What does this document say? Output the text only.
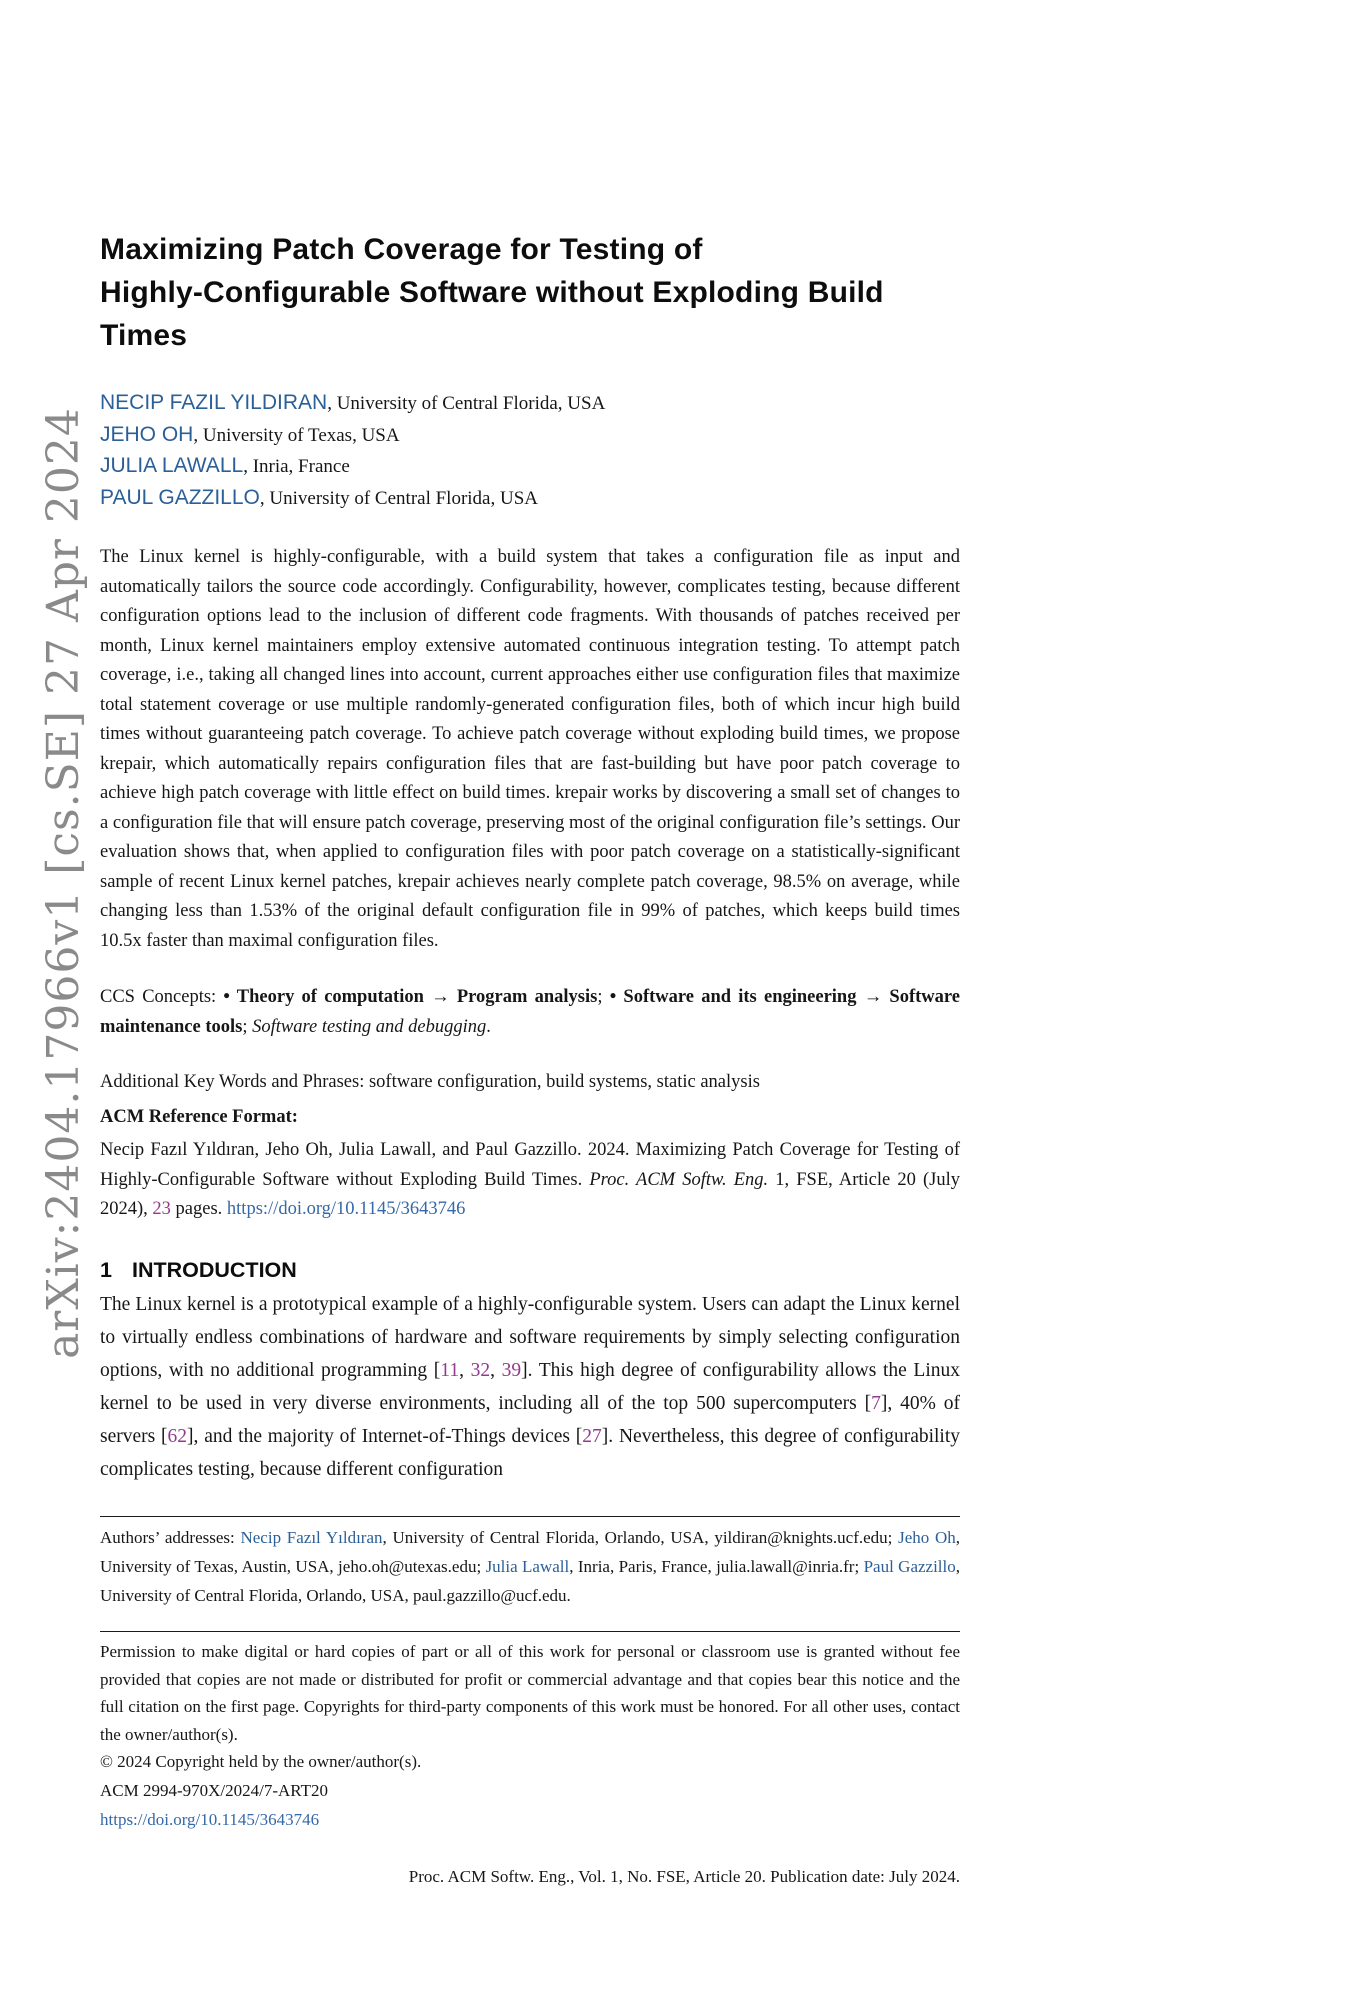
arXiv:2404.17966v1 [cs.SE] 27 Apr 2024
Maximizing Patch Coverage for Testing of
Highly-Configurable Software without Exploding Build
Times
NECIP FAZIL YILDIRAN, University of Central Florida, USA
JEHO OH, University of Texas, USA
JULIA LAWALL, Inria, France
PAUL GAZZILLO, University of Central Florida, USA
The Linux kernel is highly-configurable, with a build system that takes a configuration file as input and automatically tailors the source code accordingly. Configurability, however, complicates testing, because different configuration options lead to the inclusion of different code fragments. With thousands of patches received per month, Linux kernel maintainers employ extensive automated continuous integration testing. To attempt patch coverage, i.e., taking all changed lines into account, current approaches either use configuration files that maximize total statement coverage or use multiple randomly-generated configuration files, both of which incur high build times without guaranteeing patch coverage. To achieve patch coverage without exploding build times, we propose krepair, which automatically repairs configuration files that are fast-building but have poor patch coverage to achieve high patch coverage with little effect on build times. krepair works by discovering a small set of changes to a configuration file that will ensure patch coverage, preserving most of the original configuration file’s settings. Our evaluation shows that, when applied to configuration files with poor patch coverage on a statistically-significant sample of recent Linux kernel patches, krepair achieves nearly complete patch coverage, 98.5% on average, while changing less than 1.53% of the original default configuration file in 99% of patches, which keeps build times 10.5x faster than maximal configuration files.
CCS Concepts: • Theory of computation → Program analysis; • Software and its engineering → Software maintenance tools; Software testing and debugging.
Additional Key Words and Phrases: software configuration, build systems, static analysis
ACM Reference Format:
Necip Fazıl Yıldıran, Jeho Oh, Julia Lawall, and Paul Gazzillo. 2024. Maximizing Patch Coverage for Testing of Highly-Configurable Software without Exploding Build Times. Proc. ACM Softw. Eng. 1, FSE, Article 20 (July 2024), 23 pages. https://doi.org/10.1145/3643746
1 INTRODUCTION
The Linux kernel is a prototypical example of a highly-configurable system. Users can adapt the Linux kernel to virtually endless combinations of hardware and software requirements by simply selecting configuration options, with no additional programming [11, 32, 39]. This high degree of configurability allows the Linux kernel to be used in very diverse environments, including all of the top 500 supercomputers [7], 40% of servers [62], and the majority of Internet-of-Things devices [27]. Nevertheless, this degree of configurability complicates testing, because different configuration
Authors’ addresses: Necip Fazıl Yıldıran, University of Central Florida, Orlando, USA, yildiran@knights.ucf.edu; Jeho Oh, University of Texas, Austin, USA, jeho.oh@utexas.edu; Julia Lawall, Inria, Paris, France, julia.lawall@inria.fr; Paul Gazzillo, University of Central Florida, Orlando, USA, paul.gazzillo@ucf.edu.
Permission to make digital or hard copies of part or all of this work for personal or classroom use is granted without fee provided that copies are not made or distributed for profit or commercial advantage and that copies bear this notice and the full citation on the first page. Copyrights for third-party components of this work must be honored. For all other uses, contact the owner/author(s).
© 2024 Copyright held by the owner/author(s).
ACM 2994-970X/2024/7-ART20
https://doi.org/10.1145/3643746
Proc. ACM Softw. Eng., Vol. 1, No. FSE, Article 20. Publication date: July 2024.
